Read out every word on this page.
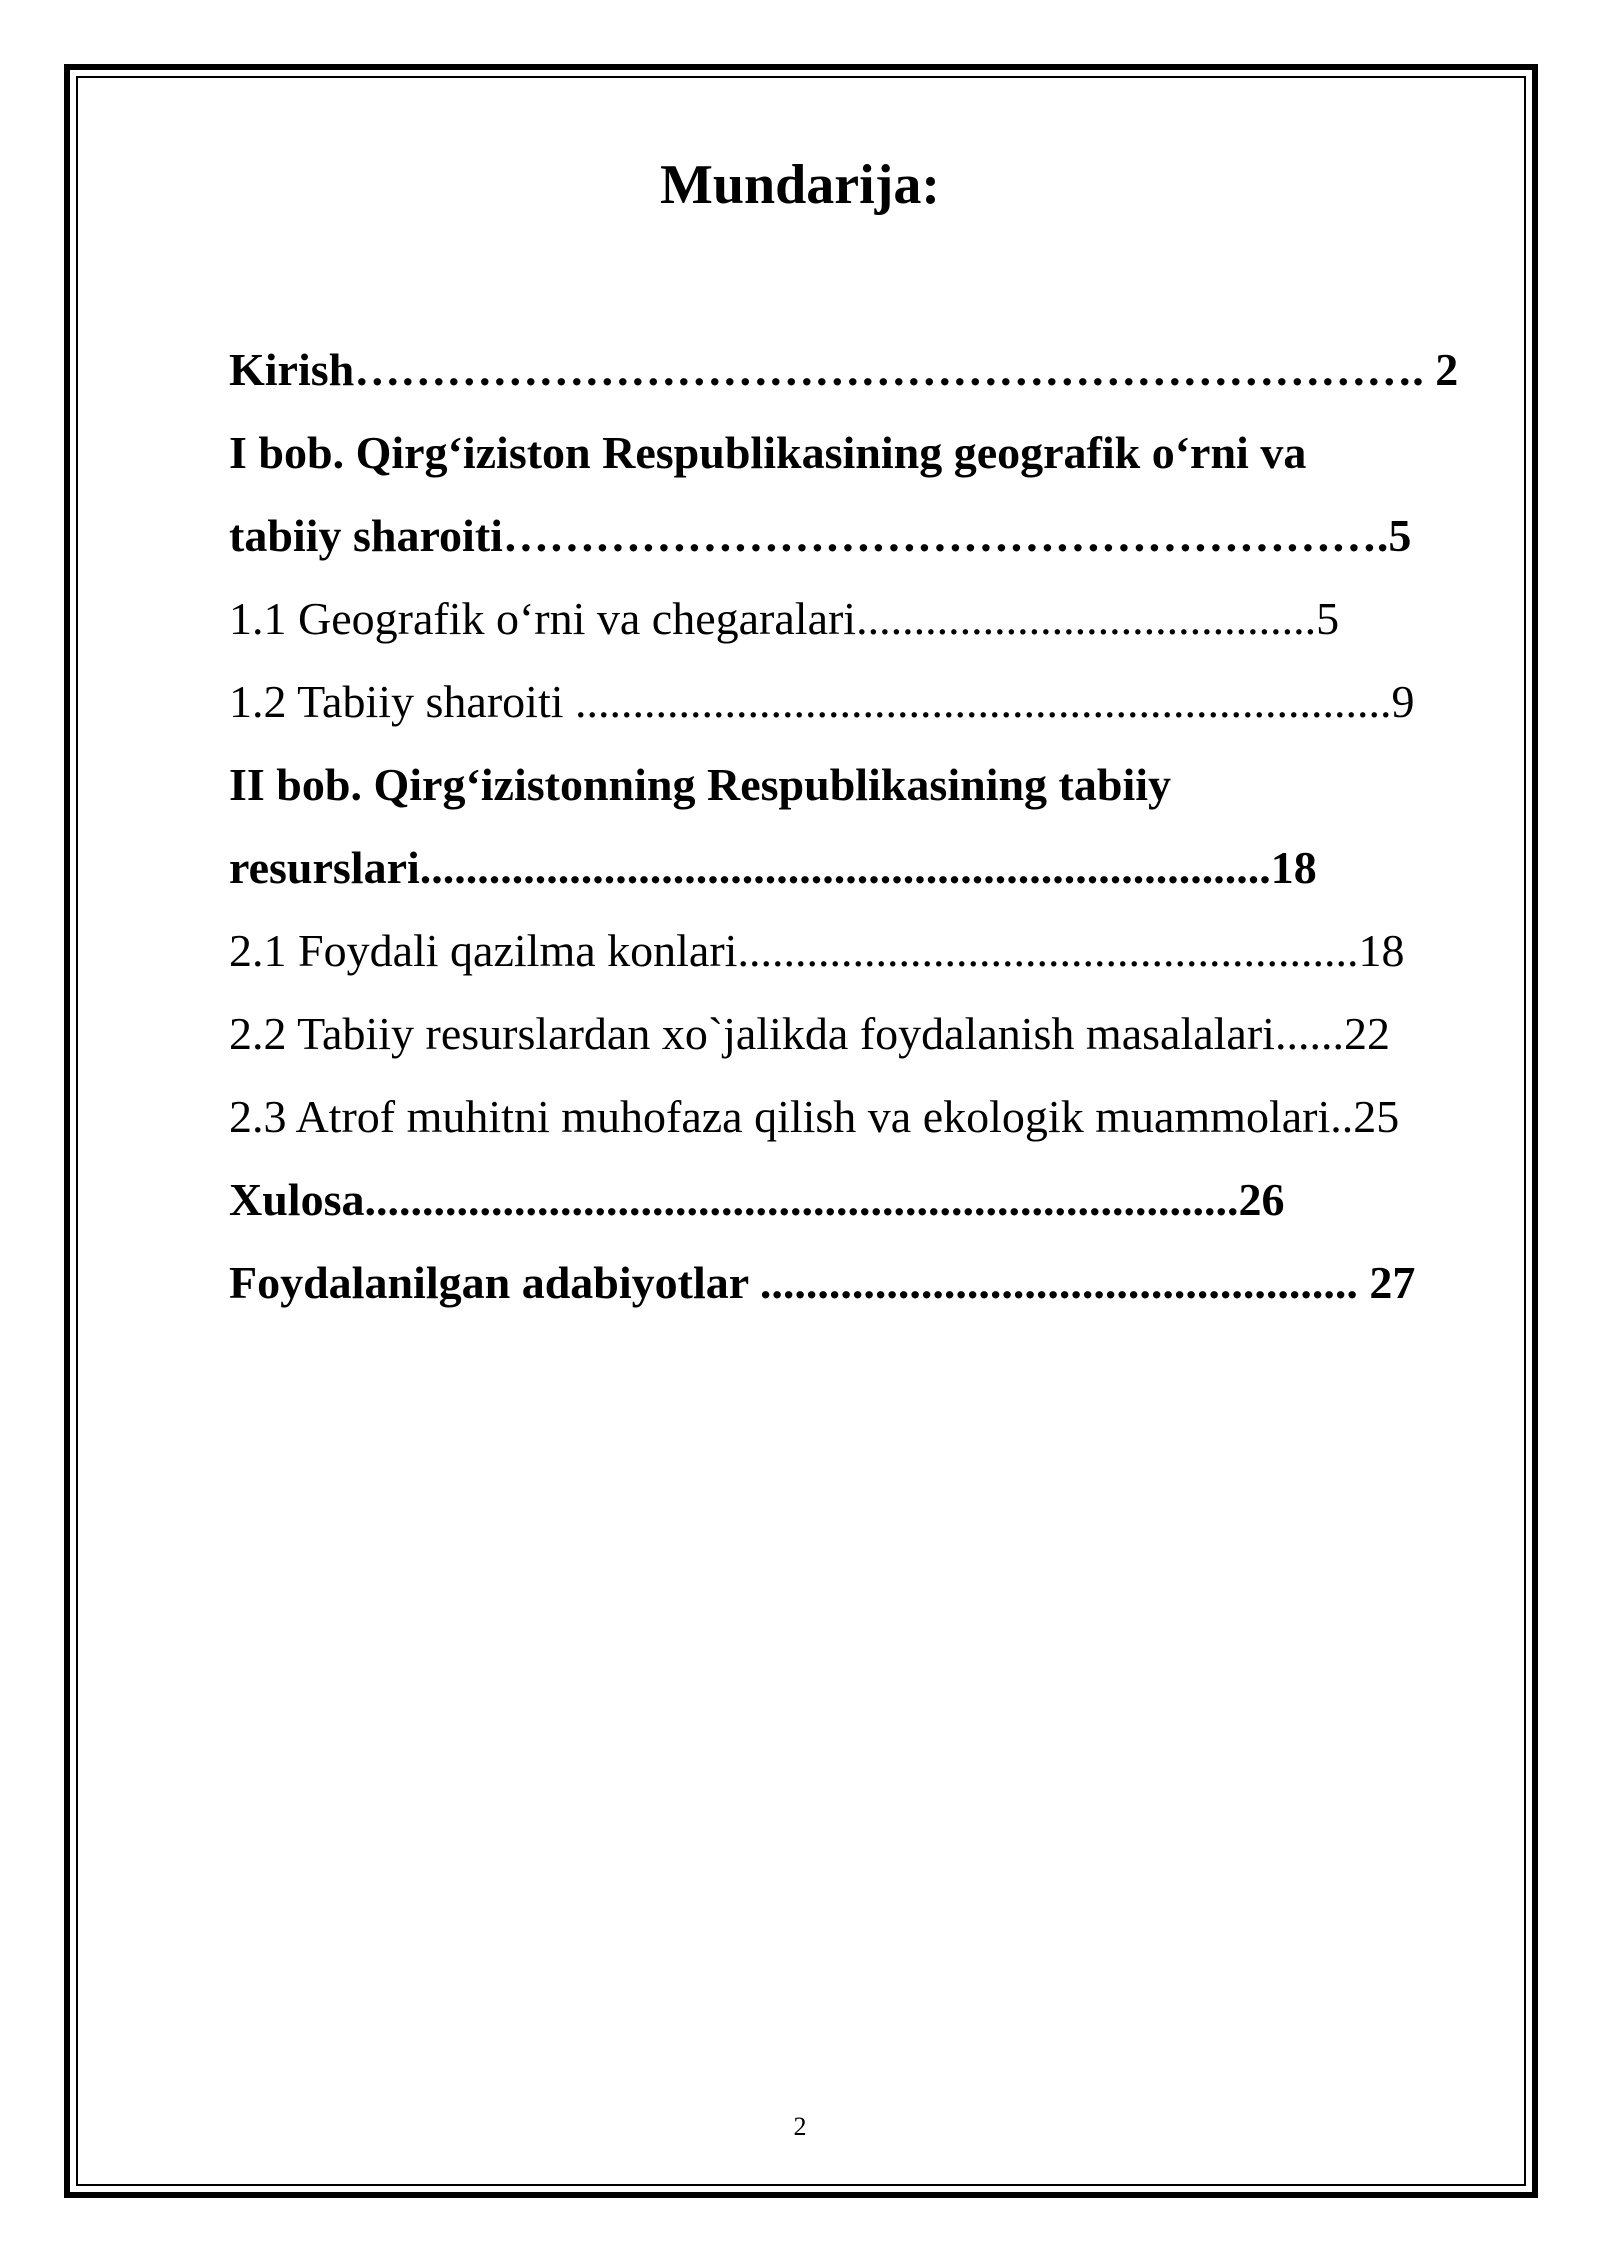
Mundarija:
Kirish……………………………………………………………. 2
I bob. Qirg‘iziston Respublikasining geografik o‘rni va
tabiiy sharoiti………………………………………………….5
1.1 Geografik o‘rni va chegaralari........................................5
1.2 Tabiiy sharoiti .......................................................................9
II bob. Qirg‘izistonning Respublikasining tabiiy
resurslari..........................................................................18
2.1 Foydali qazilma konlari......................................................18
2.2 Tabiiy resurslardan xo`jalikda foydalanish masalalari......22
2.3 Atrof muhitni muhofaza qilish va ekologik muammolari..25
Xulosa............................................................................26
Foydalanilgan adabiyotlar .................................................... 27
2
